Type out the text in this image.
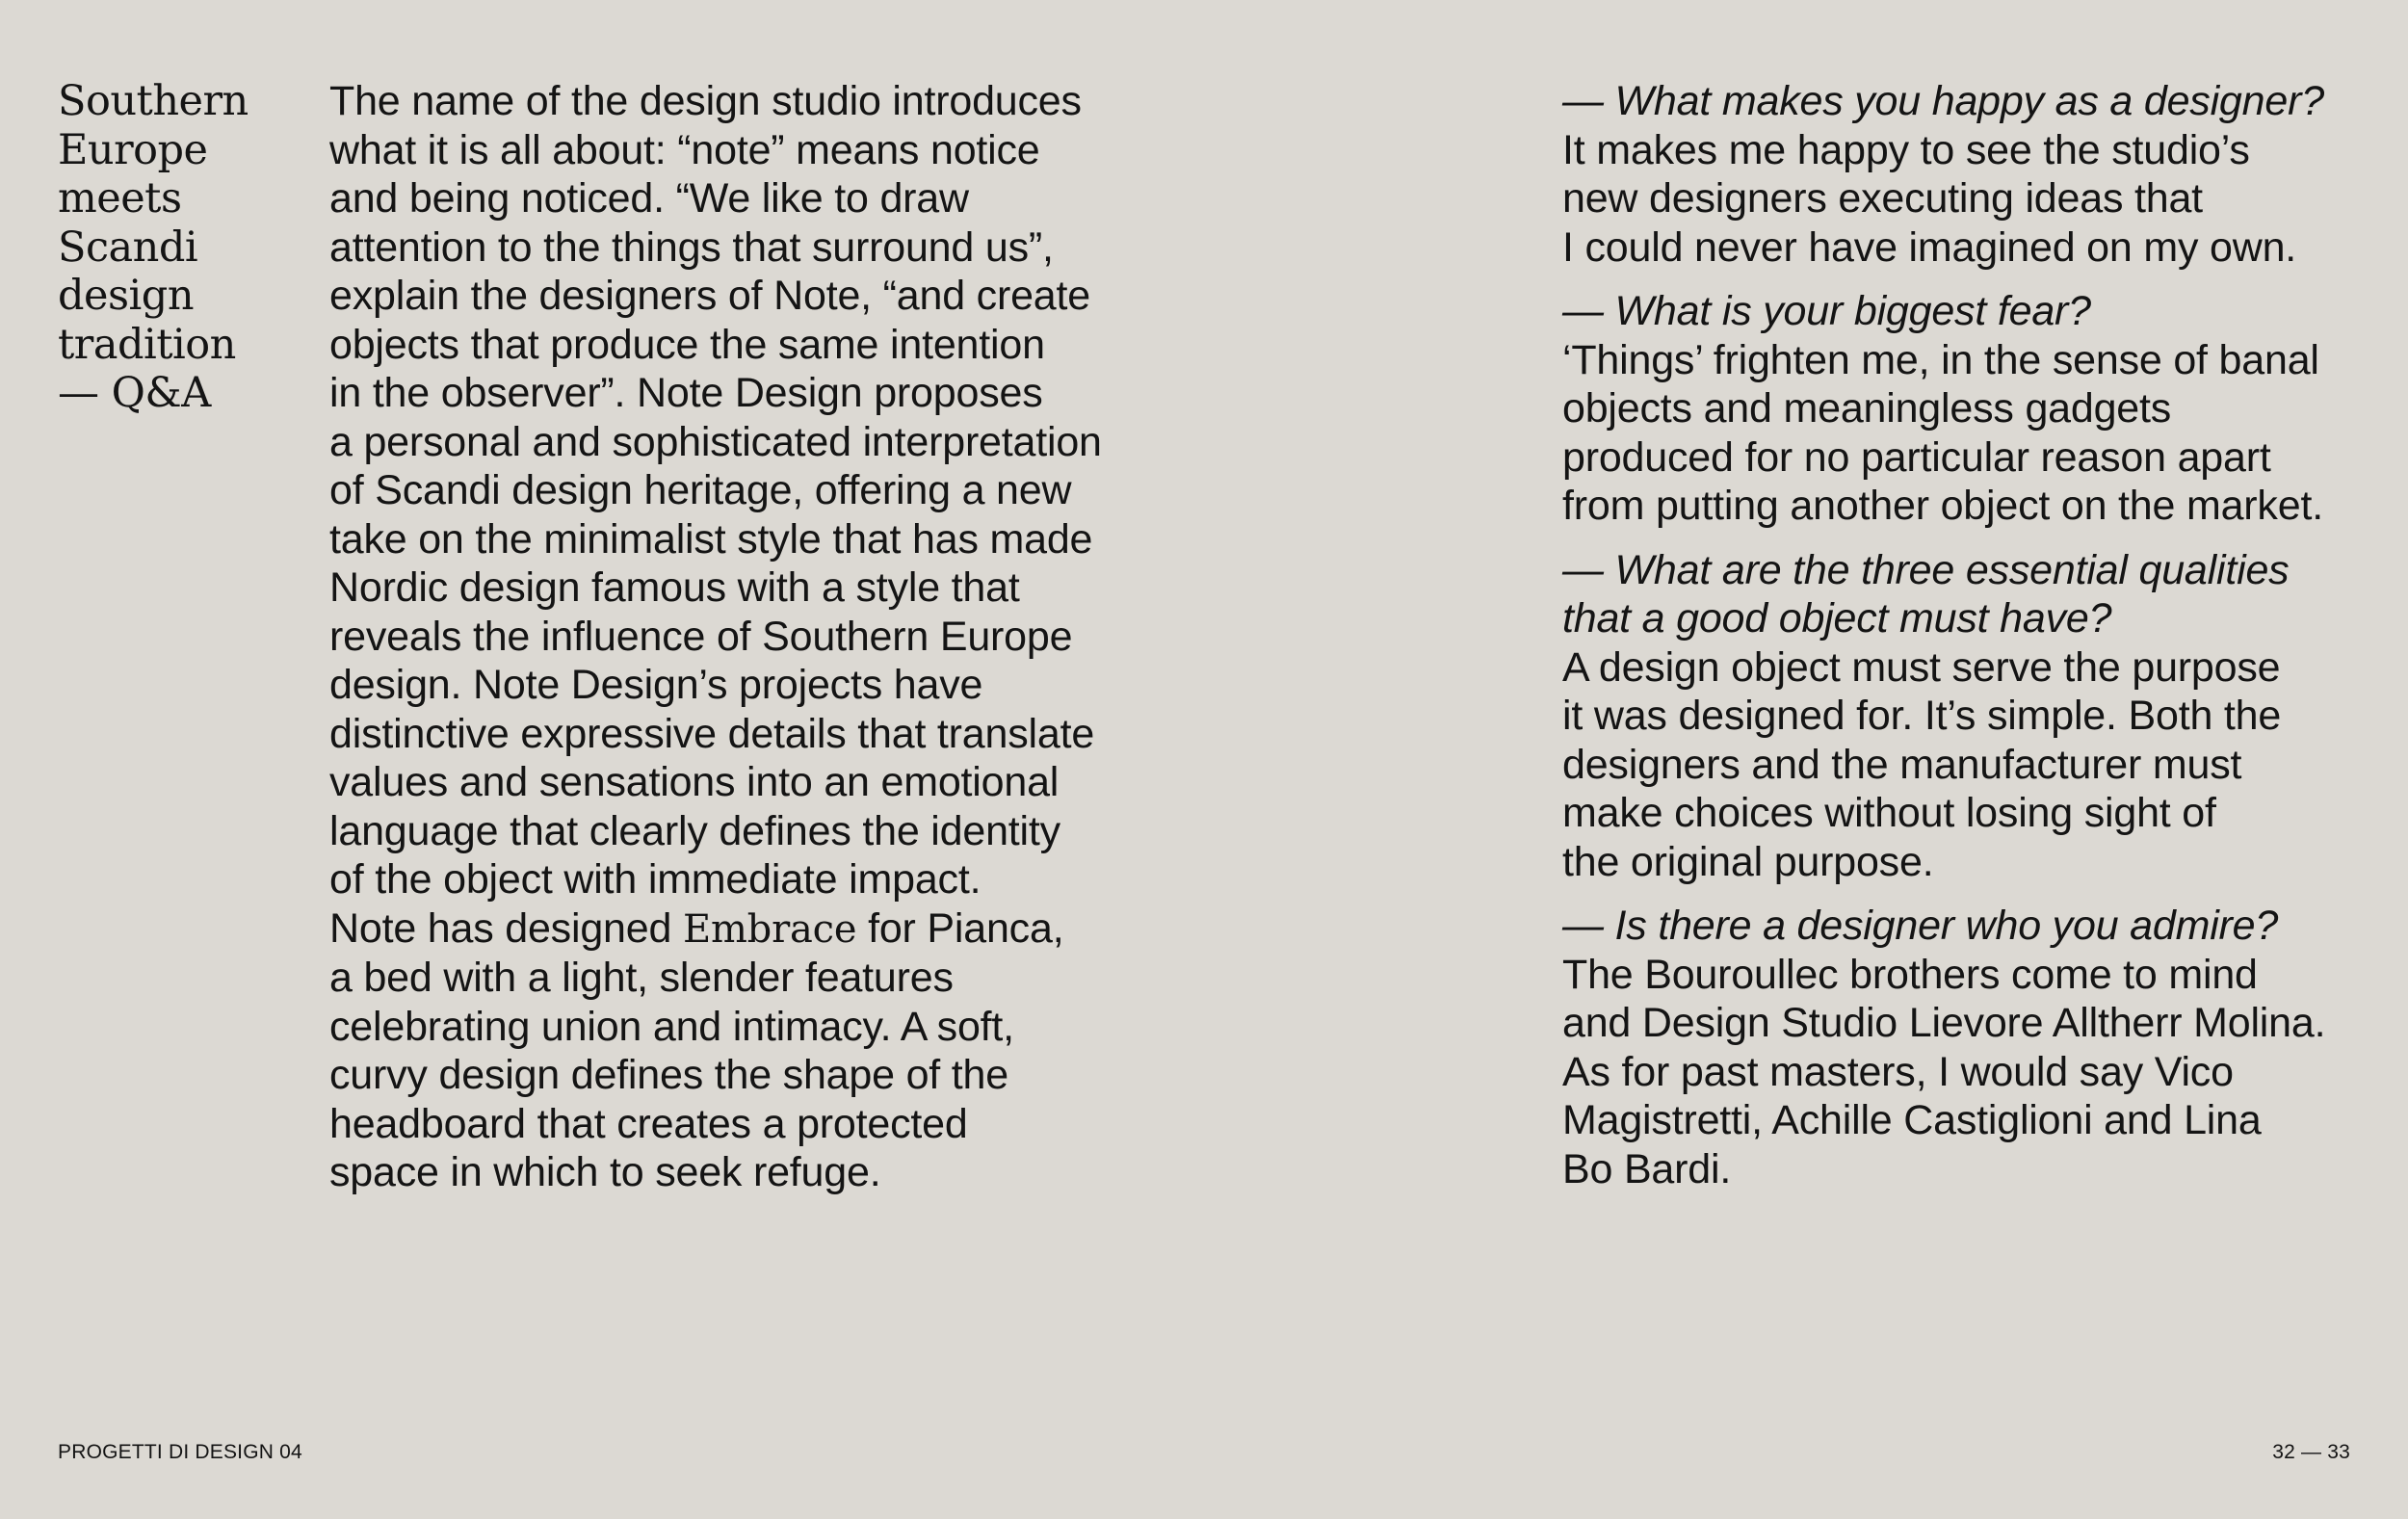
Southern
Europe
meets
Scandi
design
tradition
— Q&A
The name of the design studio introduces
what it is all about: “note” means notice
and being noticed. “We like to draw
attention to the things that surround us”,
explain the designers of Note, “and create
objects that produce the same intention
in the observer”. Note Design proposes
a personal and sophisticated interpretation
of Scandi design heritage, offering a new
take on the minimalist style that has made
Nordic design famous with a style that
reveals the influence of Southern Europe
design. Note Design’s projects have
distinctive expressive details that translate
values and sensations into an emotional
language that clearly defines the identity
of the object with immediate impact.
Note has designed Embrace for Pianca,
a bed with a light, slender features
celebrating union and intimacy. A soft,
curvy design defines the shape of the
headboard that creates a protected
space in which to seek refuge.
— What makes you happy as a designer?
It makes me happy to see the studio’s
new designers executing ideas that
I could never have imagined on my own.
— What is your biggest fear?
‘Things’ frighten me, in the sense of banal
objects and meaningless gadgets
produced for no particular reason apart
from putting another object on the market.
— What are the three essential qualities
that a good object must have?
A design object must serve the purpose
it was designed for. It’s simple. Both the
designers and the manufacturer must
make choices without losing sight of
the original purpose.
— Is there a designer who you admire?
The Bouroullec brothers come to mind
and Design Studio Lievore Alltherr Molina.
As for past masters, I would say Vico
Magistretti, Achille Castiglioni and Lina
Bo Bardi.
PROGETTI DI DESIGN 04	32 — 33
